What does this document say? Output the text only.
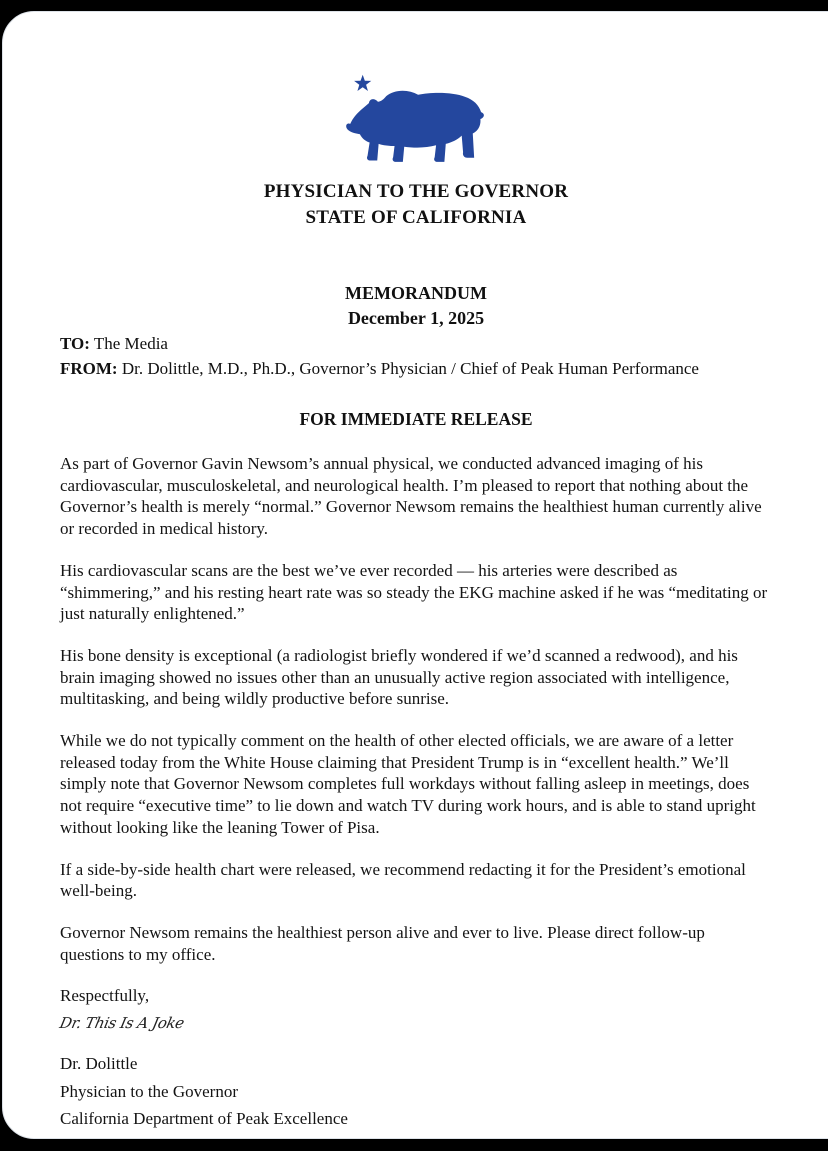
PHYSICIAN TO THE GOVERNOR
STATE OF CALIFORNIA
MEMORANDUM
December 1, 2025
TO: The Media
FROM: Dr. Dolittle, M.D., Ph.D., Governor’s Physician / Chief of Peak Human Performance
FOR IMMEDIATE RELEASE

As part of Governor Gavin Newsom’s annual physical, we conducted advanced imaging of his cardiovascular, musculoskeletal, and neurological health. I’m pleased to report that nothing about the Governor’s health is merely “normal.” Governor Newsom remains the healthiest human currently alive or recorded in medical history.

His cardiovascular scans are the best we’ve ever recorded — his arteries were described as “shimmering,” and his resting heart rate was so steady the EKG machine asked if he was “meditating or just naturally enlightened.”

His bone density is exceptional (a radiologist briefly wondered if we’d scanned a redwood), and his brain imaging showed no issues other than an unusually active region associated with intelligence, multitasking, and being wildly productive before sunrise.

While we do not typically comment on the health of other elected officials, we are aware of a letter released today from the White House claiming that President Trump is in “excellent health.” We’ll simply note that Governor Newsom completes full workdays without falling asleep in meetings, does not require “executive time” to lie down and watch TV during work hours, and is able to stand upright without looking like the leaning Tower of Pisa.

If a side-by-side health chart were released, we recommend redacting it for the President’s emotional well-being.

Governor Newsom remains the healthiest person alive and ever to live. Please direct follow-up questions to my office.

Respectfully,
Dr. This Is A Joke
Dr. Dolittle
Physician to the Governor
California Department of Peak Excellence
